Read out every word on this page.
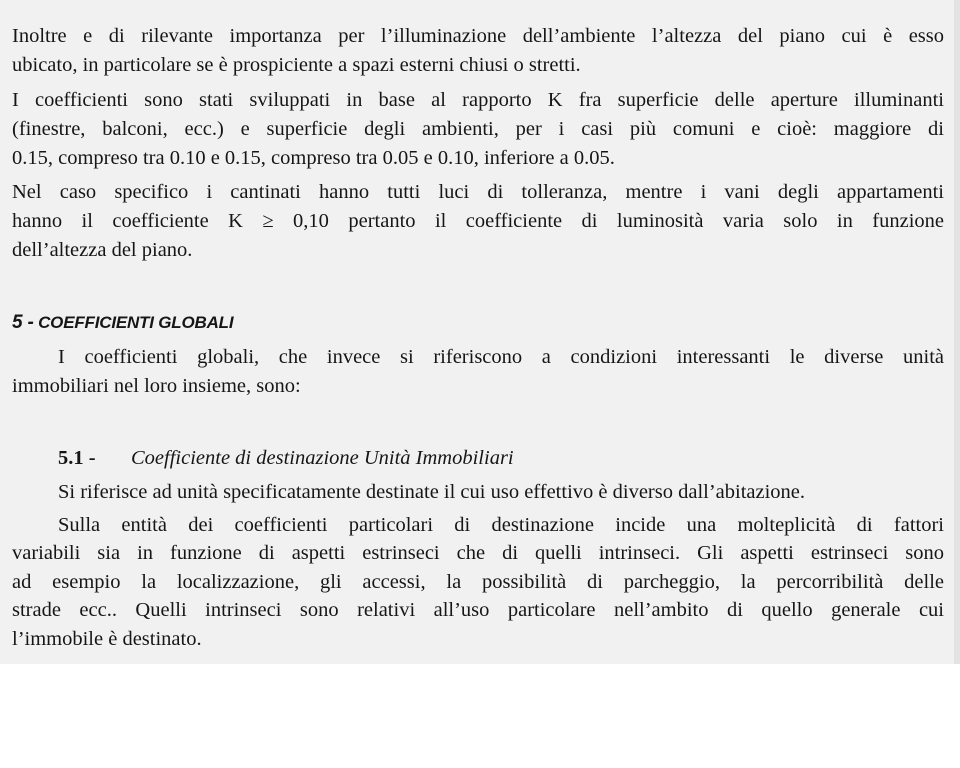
Inoltre e di rilevante importanza per l’illuminazione dell’ambiente l’altezza del piano cui è esso
ubicato, in particolare se è prospiciente a spazi esterni chiusi o stretti.
I coefficienti sono stati sviluppati in base al rapporto K fra superficie delle aperture illuminanti
(finestre, balconi, ecc.) e superficie degli ambienti, per i casi più comuni e cioè: maggiore di
0.15, compreso tra 0.10 e 0.15, compreso tra 0.05 e 0.10, inferiore a 0.05.
Nel caso specifico i cantinati hanno tutti luci di tolleranza, mentre i vani degli appartamenti
hanno il coefficiente K ≥ 0,10 pertanto il coefficiente di luminosità varia solo in funzione
dell’altezza del piano.
5 - COEFFICIENTI GLOBALI
I coefficienti globali, che invece si riferiscono a condizioni interessanti le diverse unità
immobiliari nel loro insieme, sono:
5.1 - Coefficiente di destinazione Unità Immobiliari
Si riferisce ad unità specificatamente destinate il cui uso effettivo è diverso dall’abitazione.
Sulla entità dei coefficienti particolari di destinazione incide una molteplicità di fattori
variabili sia in funzione di aspetti estrinseci che di quelli intrinseci. Gli aspetti estrinseci sono
ad esempio la localizzazione, gli accessi, la possibilità di parcheggio, la percorribilità delle
strade ecc.. Quelli intrinseci sono relativi all’uso particolare nell’ambito di quello generale cui
l’immobile è destinato.
